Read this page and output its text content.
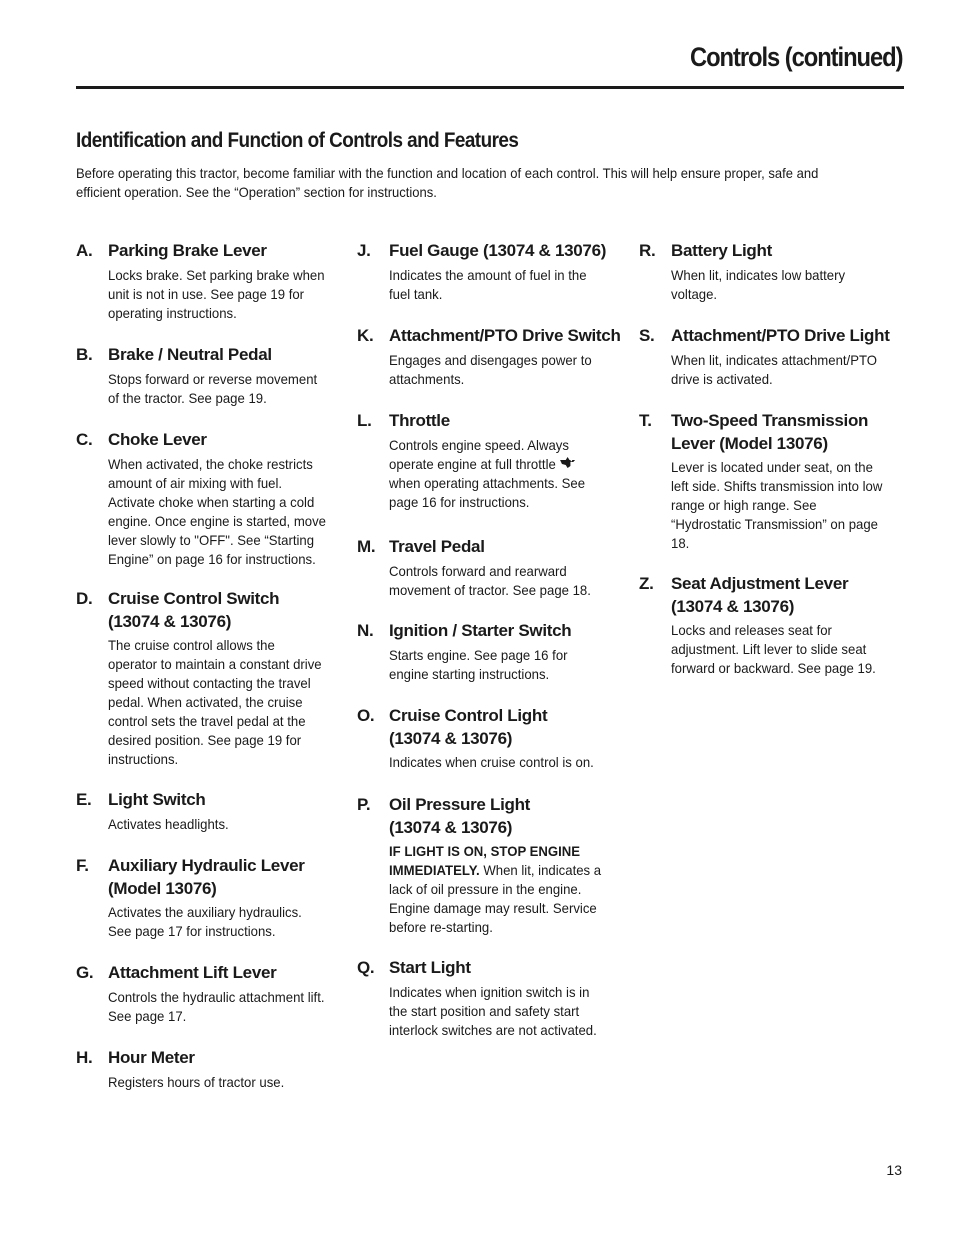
Controls (continued)
Identification and Function of Controls and Features
Before operating this tractor, become familiar with the function and location of each control. This will help ensure proper, safe and efficient operation. See the “Operation” section for instructions.
A. Parking Brake Lever
Locks brake. Set parking brake when
unit is not in use. See page 19 for
operating instructions.
B. Brake / Neutral Pedal
Stops forward or reverse movement
of the tractor. See page 19.
C. Choke Lever
When activated, the choke restricts
amount of air mixing with fuel.
Activate choke when starting a cold
engine. Once engine is started, move
lever slowly to "OFF". See “Starting
Engine” on page 16 for instructions.
D. Cruise Control Switch
(13074 & 13076)
The cruise control allows the
operator to maintain a constant drive
speed without contacting the travel
pedal. When activated, the cruise
control sets the travel pedal at the
desired position. See page 19 for
instructions.
E. Light Switch
Activates headlights.
F.	Auxiliary Hydraulic Lever
(Model 13076)
Activates the auxiliary hydraulics.
See page 17 for instructions.
G. Attachment Lift Lever
Controls the hydraulic attachment lift.
See page 17.
H. Hour Meter
Registers hours of tractor use.
J.	Fuel Gauge (13074 & 13076)
Indicates the amount of fuel in the
fuel tank.
K. Attachment/PTO Drive Switch
Engages and disengages power to
attachments.
L.	Throttle
Controls engine speed. Always
operate engine at full throttle
when operating attachments. See
page 16 for instructions.
M. Travel Pedal
Controls forward and rearward
movement of tractor. See page 18.
N. Ignition / Starter Switch
Starts engine. See page 16 for
engine starting instructions.
O. Cruise Control Light
(13074 & 13076)
Indicates when cruise control is on.
P.	Oil Pressure Light
(13074 & 13076)
IF LIGHT IS ON, STOP ENGINE
IMMEDIATELY. When lit, indicates a
lack of oil pressure in the engine.
Engine damage may result. Service
before re-starting.
Q. Start Light
Indicates when ignition switch is in
the start position and safety start
interlock switches are not activated.
R. Battery Light
When lit, indicates low battery
voltage.
S. Attachment/PTO Drive Light
When lit, indicates attachment/PTO
drive is activated.
T.	Two-Speed Transmission
Lever (Model 13076)
Lever is located under seat, on the
left side. Shifts transmission into low
range or high range. See
“Hydrostatic Transmission” on page
18.
Z.	Seat Adjustment Lever
(13074 & 13076)
Locks and releases seat for
adjustment. Lift lever to slide seat
forward or backward. See page 19.
13
